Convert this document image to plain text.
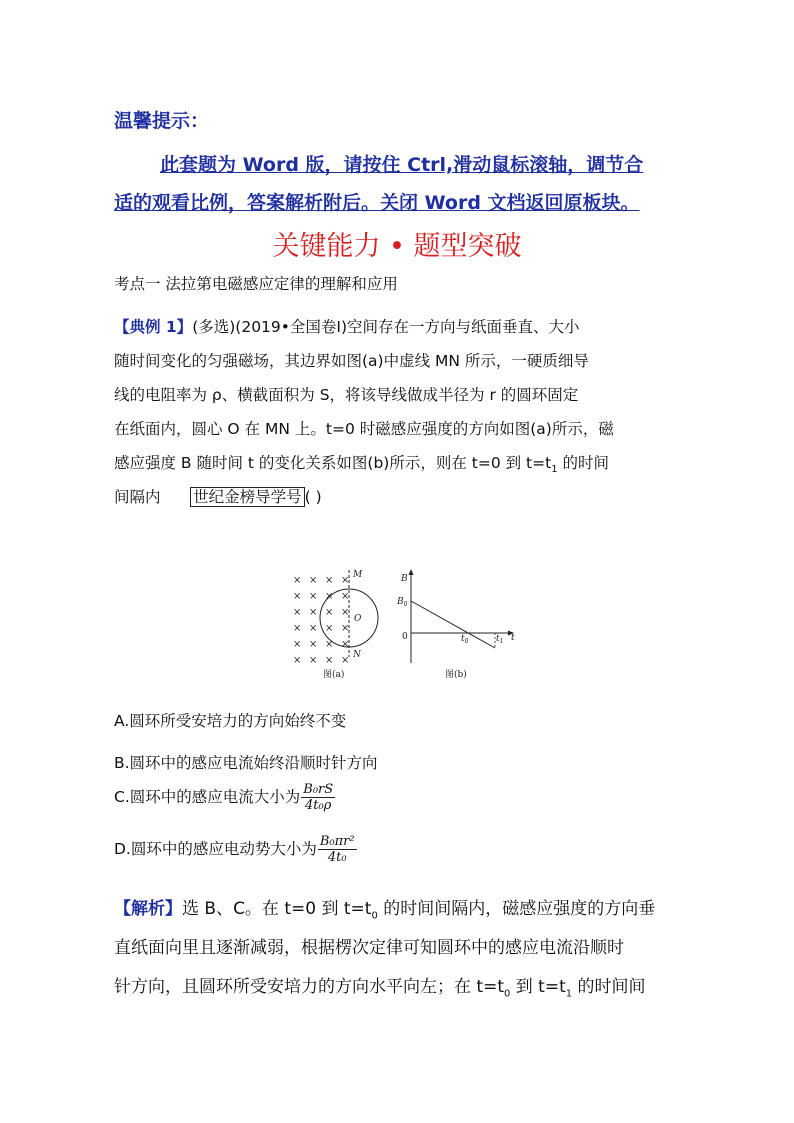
温馨提示：
此套题为 Word 版，请按住 Ctrl,滑动鼠标滚轴，调节合
适的观看比例，答案解析附后。关闭 Word 文档返回原板块。
关键能力 • 题型突破
考点一 法拉第电磁感应定律的理解和应用
【典例 1】(多选)(2019•全国卷Ⅰ)空间存在一方向与纸面垂直、大小
随时间变化的匀强磁场，其边界如图(a)中虚线 MN 所示，一硬质细导
线的电阻率为 ρ、横截面积为 S，将该导线做成半径为 r 的圆环固定
在纸面内，圆心 O 在 MN 上。t=0 时磁感应强度的方向如图(a)所示，磁
感应强度 B 随时间 t 的变化关系如图(b)所示，则在 t=0 到 $t=t_1$ 的时间
间隔内 世纪金榜导学号 ( )
× × × ×
× × × ×
× × × ×
× × × ×
× × × ×
× × × ×
M
N
O
图(a)
B
$B_0$
0	$t_0$	$t_1$ t
图(b)
A.圆环所受安培力的方向始终不变
B.圆环中的感应电流始终沿顺时针方向
C.圆环中的感应电流大小为 $\frac{\text{B₀rS}}{\text{4t₀ρ}}$
D.圆环中的感应电动势大小为 $\frac{\text{B₀πr²}}{\text{4t₀}}$
【解析】选 B、C。在 t=0 到 $t=t_0$ 的时间间隔内，磁感应强度的方向垂
直纸面向里且逐渐减弱，根据楞次定律可知圆环中的感应电流沿顺时
针方向，且圆环所受安培力的方向水平向左；在 $t=t_0$ 到 $t=t_1$ 的时间间
